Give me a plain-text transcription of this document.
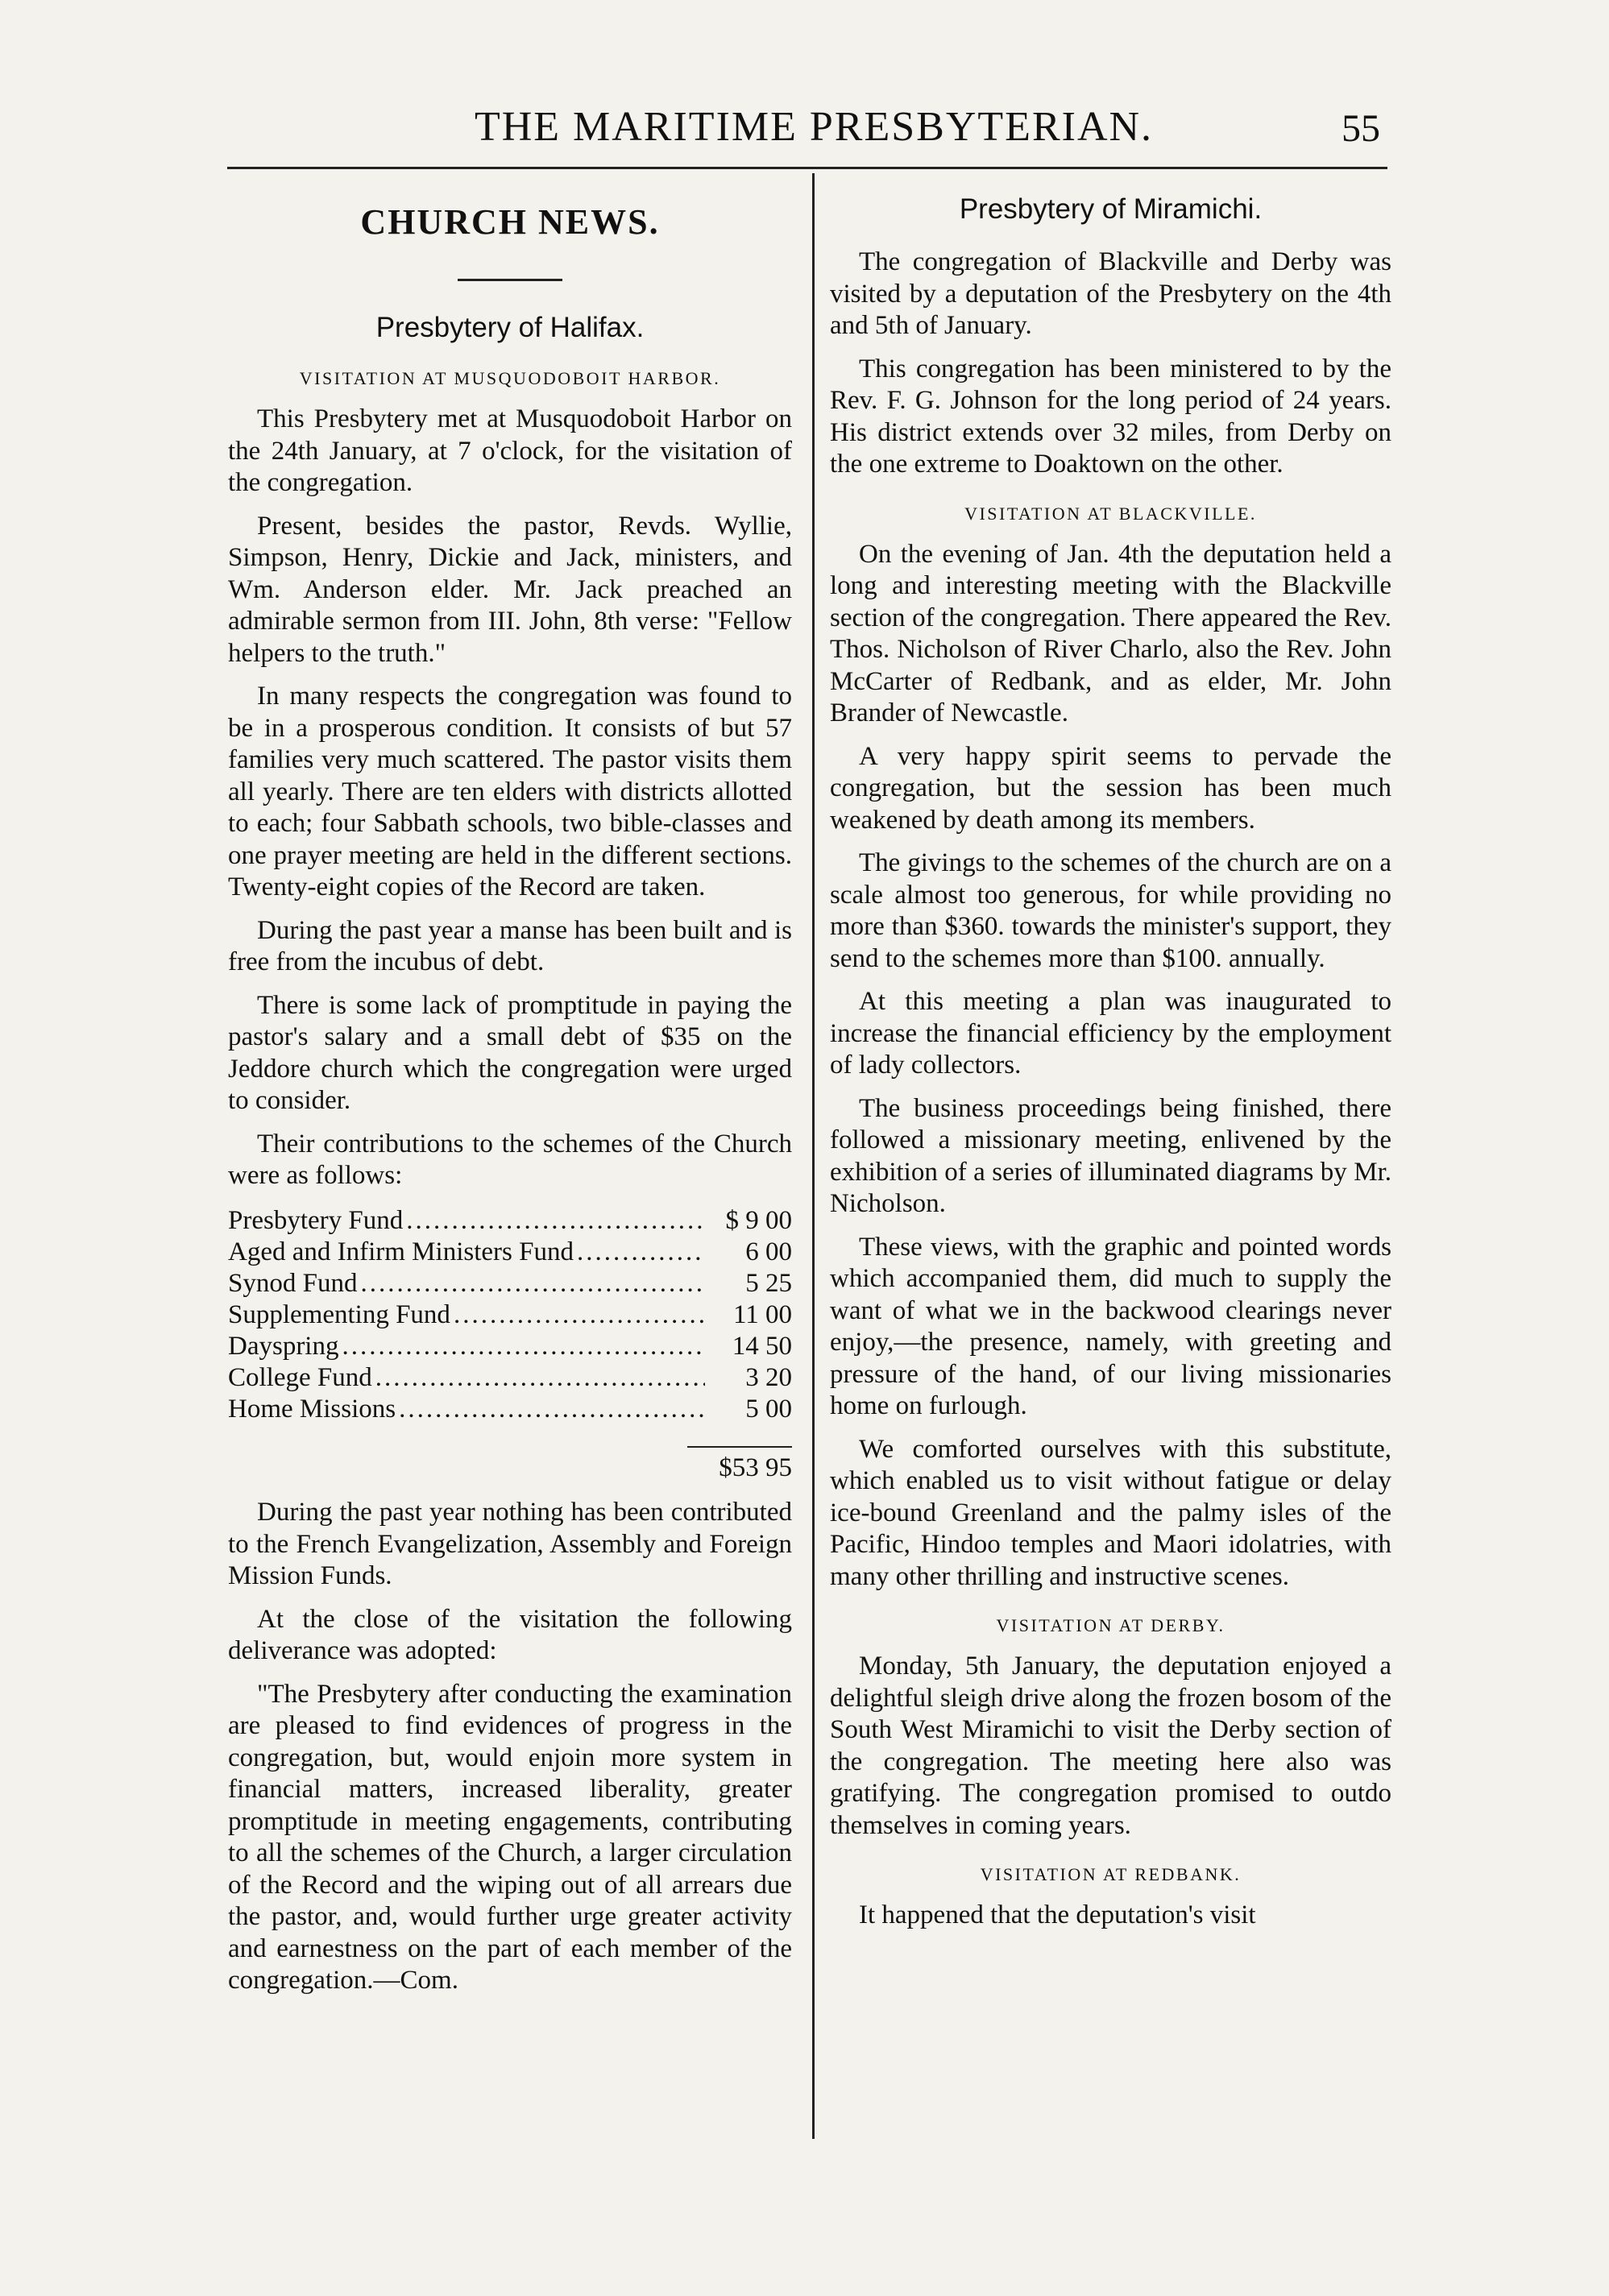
THE MARITIME PRESBYTERIAN.	55
CHURCH NEWS.
Presbytery of Halifax.
VISITATION AT MUSQUODOBOIT HARBOR.

This Presbytery met at Musquodoboit Harbor on the 24th January, at 7 o'clock, for the visitation of the congregation.

Present, besides the pastor, Revds. Wyllie, Simpson, Henry, Dickie and Jack, ministers, and Wm. Anderson elder. Mr. Jack preached an admirable sermon from III. John, 8th verse: "Fellow helpers to the truth."

In many respects the congregation was found to be in a prosperous condition. It consists of but 57 families very much scattered. The pastor visits them all yearly. There are ten elders with districts allotted to each; four Sabbath schools, two bible-classes and one prayer meeting are held in the different sections. Twenty-eight copies of the Record are taken.

During the past year a manse has been built and is free from the incubus of debt.

There is some lack of promptitude in paying the pastor's salary and a small debt of $35 on the Jeddore church which the congregation were urged to consider.

Their contributions to the schemes of the Church were as follows:

Presbytery Fund .....	$ 9 00
Aged and Infirm Ministers Fund .....	6 00
Synod Fund .....	5 25
Supplementing Fund .....	11 00
Dayspring .....	14 50
College Fund .....	3 20
Home Missions .....	5 00
$53 95

During the past year nothing has been contributed to the French Evangelization, Assembly and Foreign Mission Funds.

At the close of the visitation the following deliverance was adopted:

"The Presbytery after conducting the examination are pleased to find evidences of progress in the congregation, but, would enjoin more system in financial matters, increased liberality, greater promptitude in meeting engagements, contributing to all the schemes of the Church, a larger circulation of the Record and the wiping out of all arrears due the pastor, and, would further urge greater activity and earnestness on the part of each member of the congregation.—Com.

Presbytery of Miramichi.

The congregation of Blackville and Derby was visited by a deputation of the Presbytery on the 4th and 5th of January.

This congregation has been ministered to by the Rev. F. G. Johnson for the long period of 24 years. His district extends over 32 miles, from Derby on the one extreme to Doaktown on the other.

VISITATION AT BLACKVILLE.

On the evening of Jan. 4th the deputation held a long and interesting meeting with the Blackville section of the congregation. There appeared the Rev. Thos. Nicholson of River Charlo, also the Rev. John McCarter of Redbank, and as elder, Mr. John Brander of Newcastle.

A very happy spirit seems to pervade the congregation, but the session has been much weakened by death among its members.

The givings to the schemes of the church are on a scale almost too generous, for while providing no more than $360. towards the minister's support, they send to the schemes more than $100. annually.

At this meeting a plan was inaugurated to increase the financial efficiency by the employment of lady collectors.

The business proceedings being finished, there followed a missionary meeting, enlivened by the exhibition of a series of illuminated diagrams by Mr. Nicholson.

These views, with the graphic and pointed words which accompanied them, did much to supply the want of what we in the backwood clearings never enjoy,—the presence, namely, with greeting and pressure of the hand, of our living missionaries home on furlough.

We comforted ourselves with this substitute, which enabled us to visit without fatigue or delay ice-bound Greenland and the palmy isles of the Pacific, Hindoo temples and Maori idolatries, with many other thrilling and instructive scenes.

VISITATION AT DERBY.

Monday, 5th January, the deputation enjoyed a delightful sleigh drive along the frozen bosom of the South West Miramichi to visit the Derby section of the congregation. The meeting here also was gratifying. The congregation promised to outdo themselves in coming years.

VISITATION AT REDBANK.

It happened that the deputation's visit
